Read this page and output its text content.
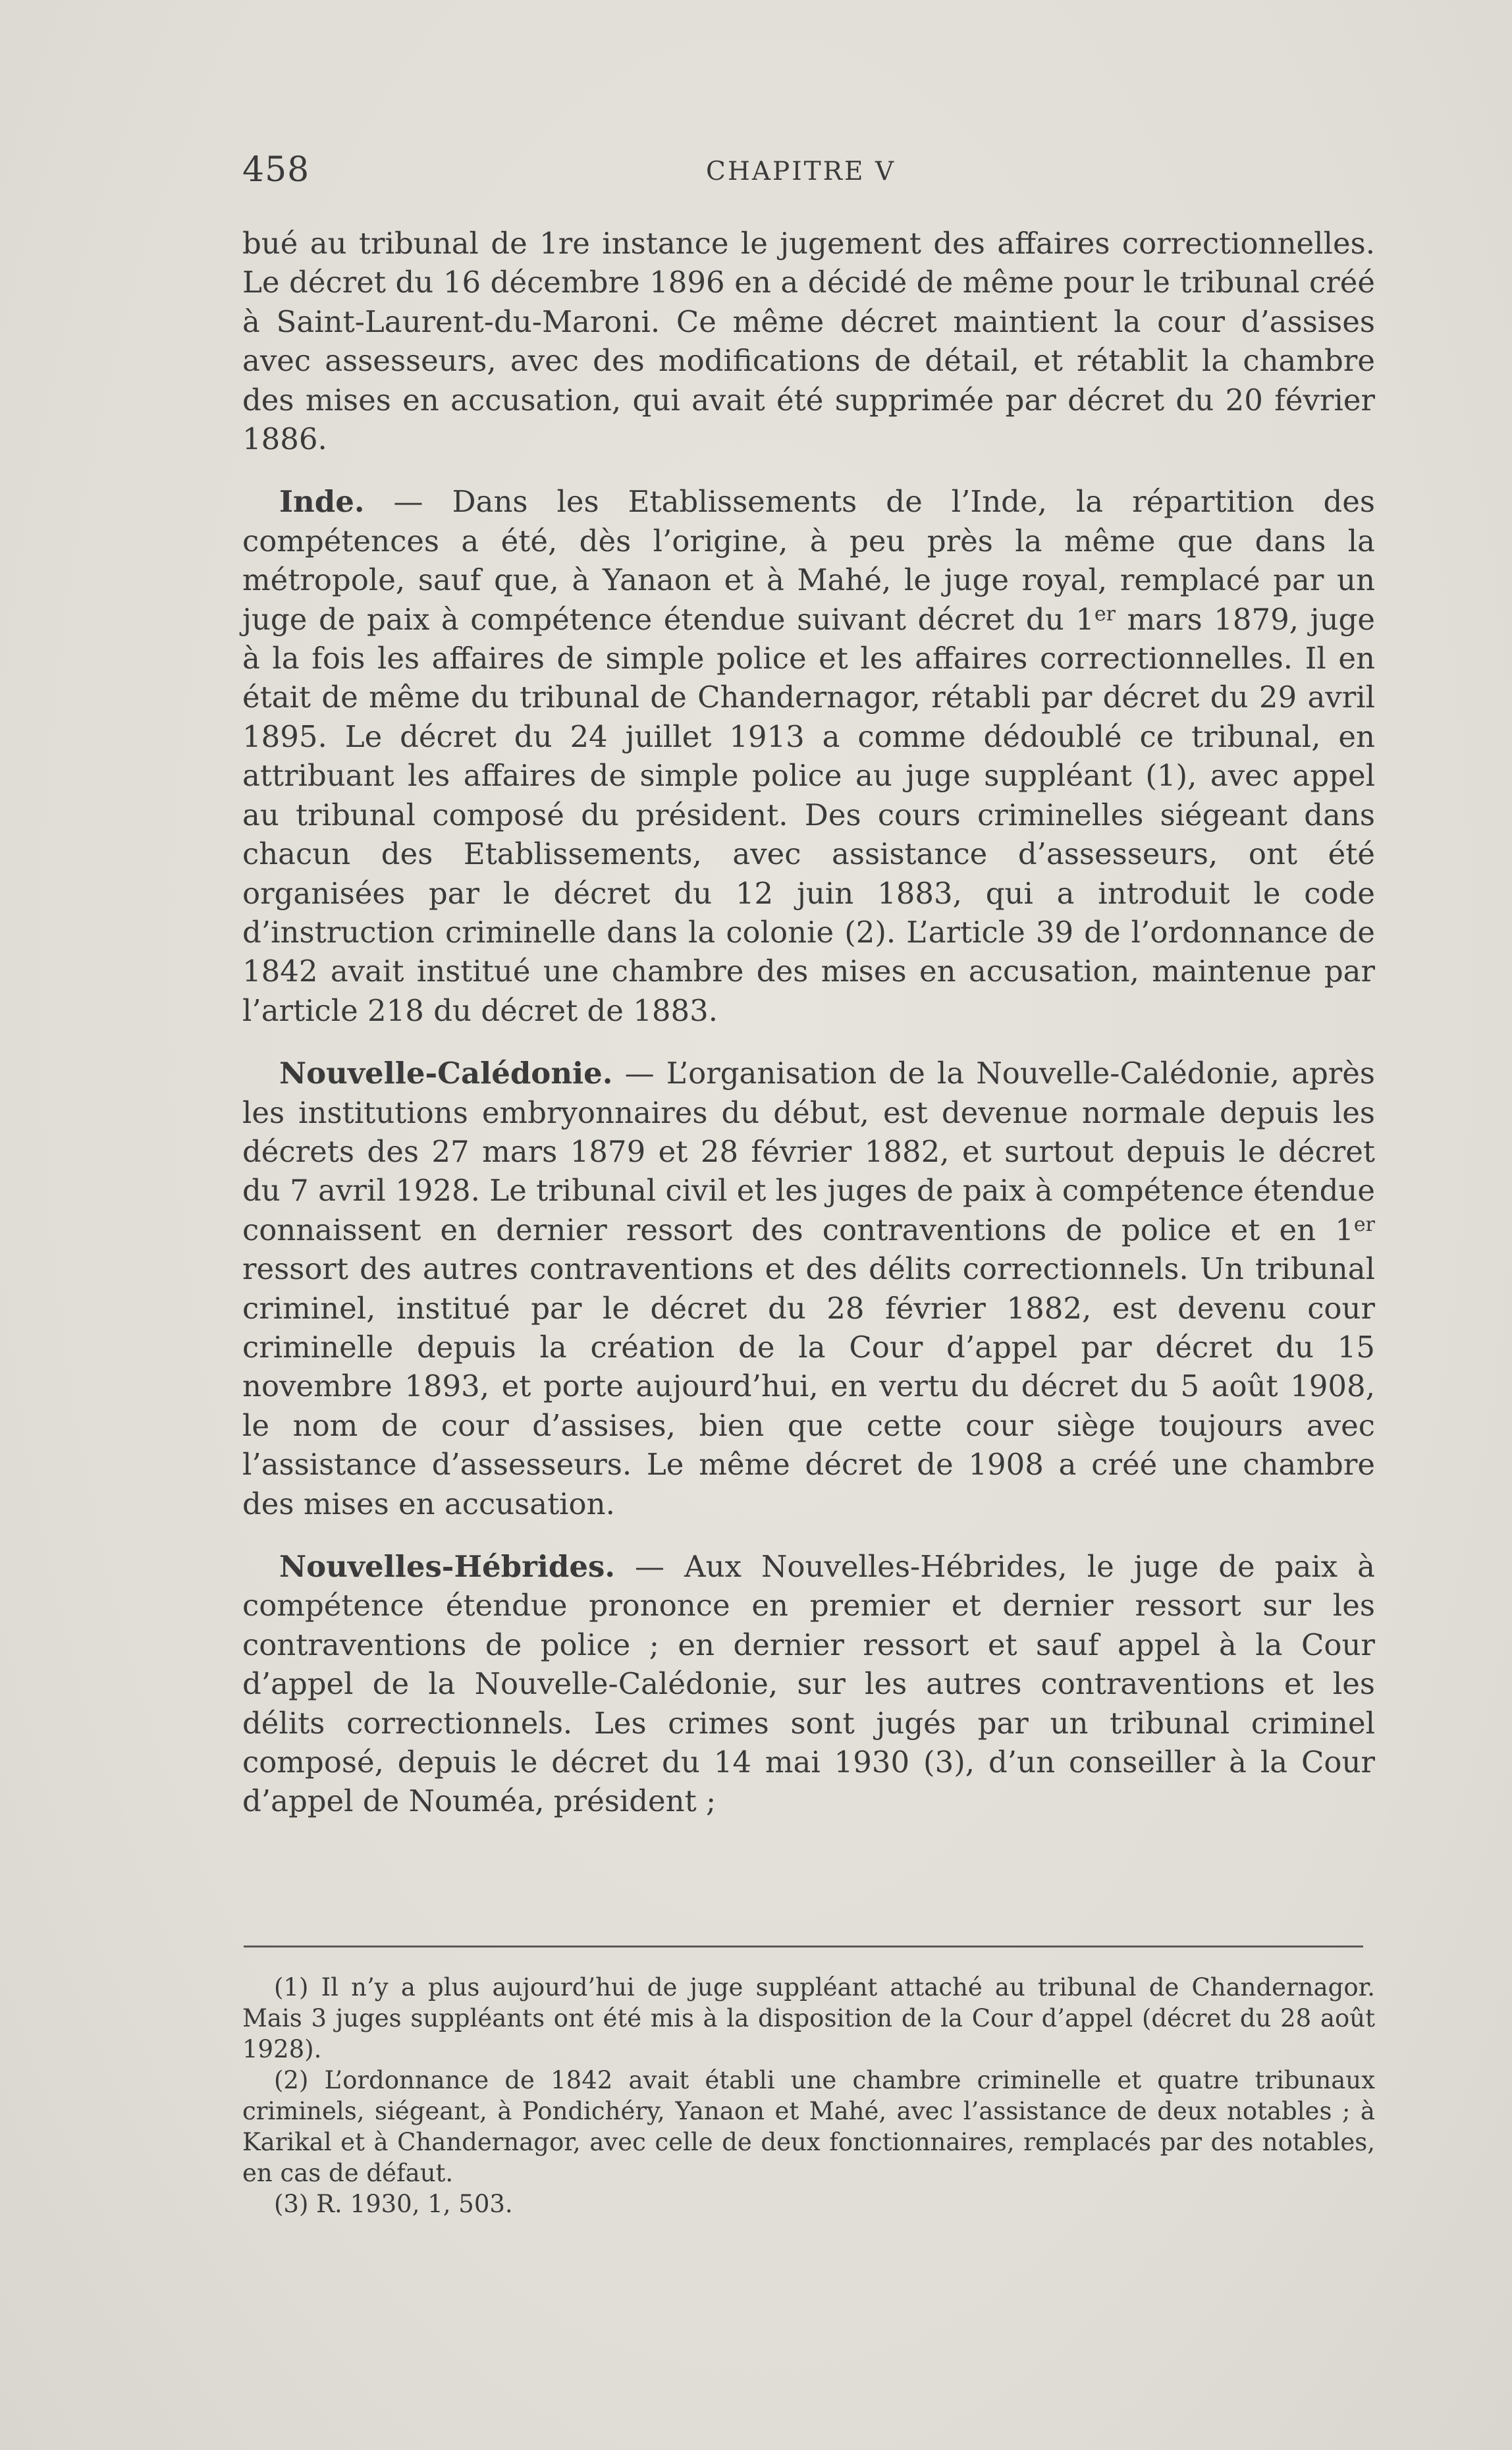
458	CHAPITRE V

bué au tribunal de 1re instance le jugement des affaires correctionnelles. Le décret du 16 décembre 1896 en a décidé de même pour le tribunal créé à Saint-Laurent-du-Maroni. Ce même décret maintient la cour d’assises avec assesseurs, avec des modifications de détail, et rétablit la chambre des mises en accusation, qui avait été supprimée par décret du 20 février 1886.

Inde. — Dans les Etablissements de l’Inde, la répartition des compétences a été, dès l’origine, à peu près la même que dans la métropole, sauf que, à Yanaon et à Mahé, le juge royal, remplacé par un juge de paix à compétence étendue suivant décret du 1er mars 1879, juge à la fois les affaires de simple police et les affaires correctionnelles. Il en était de même du tribunal de Chandernagor, rétabli par décret du 29 avril 1895. Le décret du 24 juillet 1913 a comme dédoublé ce tribunal, en attribuant les affaires de simple police au juge suppléant (1), avec appel au tribunal composé du président. Des cours criminelles siégeant dans chacun des Etablissements, avec assistance d’assesseurs, ont été organisées par le décret du 12 juin 1883, qui a introduit le code d’instruction criminelle dans la colonie (2). L’article 39 de l’ordonnance de 1842 avait institué une chambre des mises en accusation, maintenue par l’article 218 du décret de 1883.

Nouvelle-Calédonie. — L’organisation de la Nouvelle-Calédonie, après les institutions embryonnaires du début, est devenue normale depuis les décrets des 27 mars 1879 et 28 février 1882, et surtout depuis le décret du 7 avril 1928. Le tribunal civil et les juges de paix à compétence étendue connaissent en dernier ressort des contraventions de police et en 1er ressort des autres contraventions et des délits correctionnels. Un tribunal criminel, institué par le décret du 28 février 1882, est devenu cour criminelle depuis la création de la Cour d’appel par décret du 15 novembre 1893, et porte aujourd’hui, en vertu du décret du 5 août 1908, le nom de cour d’assises, bien que cette cour siège toujours avec l’assistance d’assesseurs. Le même décret de 1908 a créé une chambre des mises en accusation.

Nouvelles-Hébrides. — Aux Nouvelles-Hébrides, le juge de paix à compétence étendue prononce en premier et dernier ressort sur les contraventions de police ; en dernier ressort et sauf appel à la Cour d’appel de la Nouvelle-Calédonie, sur les autres contraventions et les délits correctionnels. Les crimes sont jugés par un tribunal criminel composé, depuis le décret du 14 mai 1930 (3), d’un conseiller à la Cour d’appel de Nouméa, président ;

(1) Il n’y a plus aujourd’hui de juge suppléant attaché au tribunal de Chandernagor. Mais 3 juges suppléants ont été mis à la disposition de la Cour d’appel (décret du 28 août 1928).

(2) L’ordonnance de 1842 avait établi une chambre criminelle et quatre tribunaux criminels, siégeant, à Pondichéry, Yanaon et Mahé, avec l’assistance de deux notables ; à Karikal et à Chandernagor, avec celle de deux fonctionnaires, remplacés par des notables, en cas de défaut.

(3) R. 1930, 1, 503.
